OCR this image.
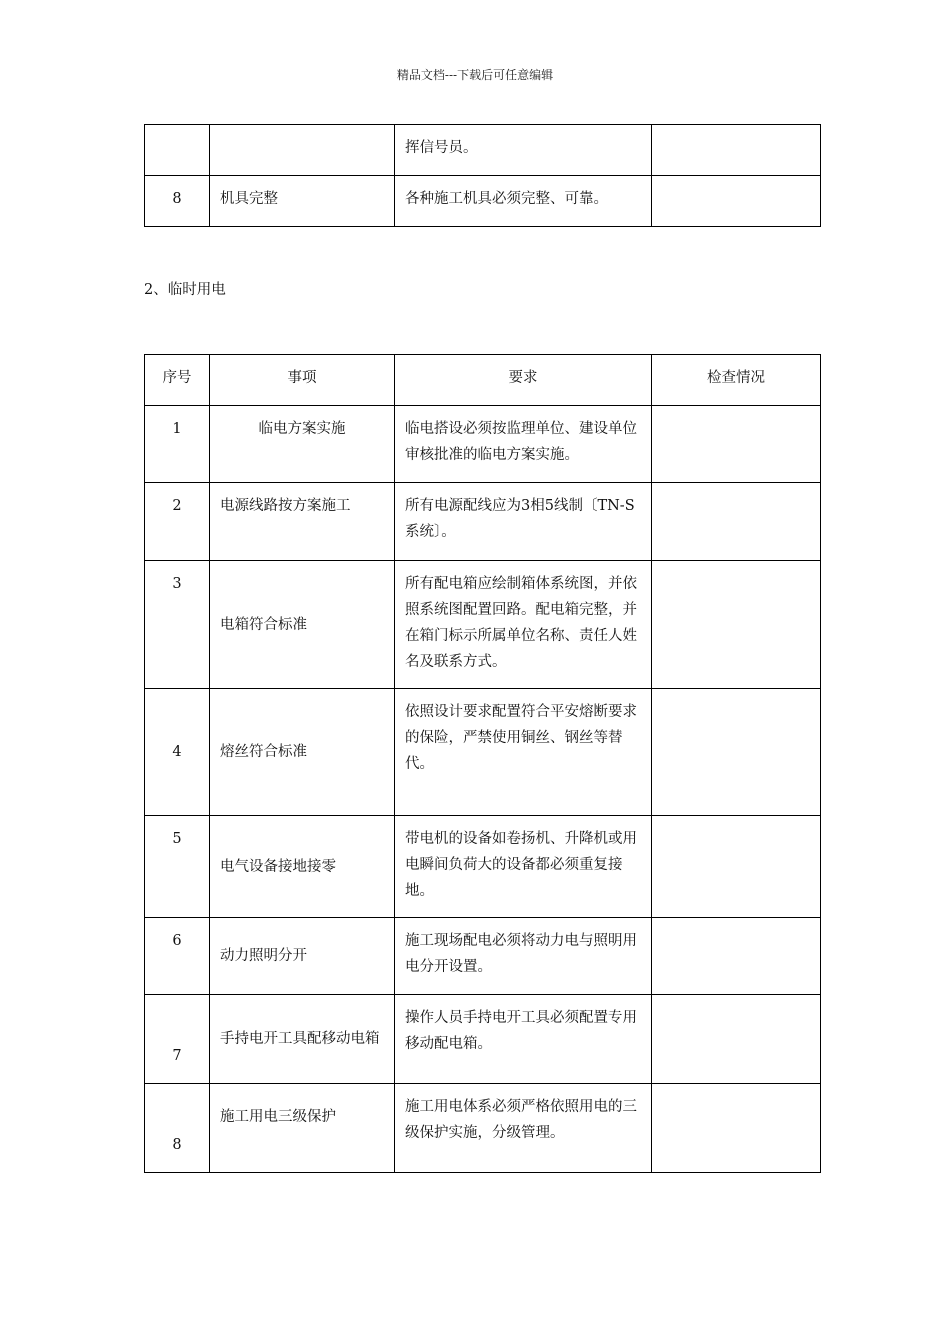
精品文档---下载后可任意编辑
		挥信号员。	
8	机具完整	各种施工机具必须完整、可靠。	
2、临时用电
序号	事项	要求	检查情况
1	临电方案实施	临电搭设必须按监理单位、建设单位审核批准的临电方案实施。	
2	电源线路按方案施工	所有电源配线应为3相5线制〔TN-S系统〕。	
3	电箱符合标准	所有配电箱应绘制箱体系统图，并依照系统图配置回路。配电箱完整，并在箱门标示所属单位名称、责任人姓名及联系方式。	
4	熔丝符合标准	依照设计要求配置符合平安熔断要求的保险，严禁使用铜丝、钢丝等替代。	
5	电气设备接地接零	带电机的设备如卷扬机、升降机或用电瞬间负荷大的设备都必须重复接地。	
6	动力照明分开	施工现场配电必须将动力电与照明用电分开设置。	
7	手持电开工具配移动电箱	操作人员手持电开工具必须配置专用移动配电箱。	
8	施工用电三级保护	施工用电体系必须严格依照用电的三级保护实施，分级管理。	
